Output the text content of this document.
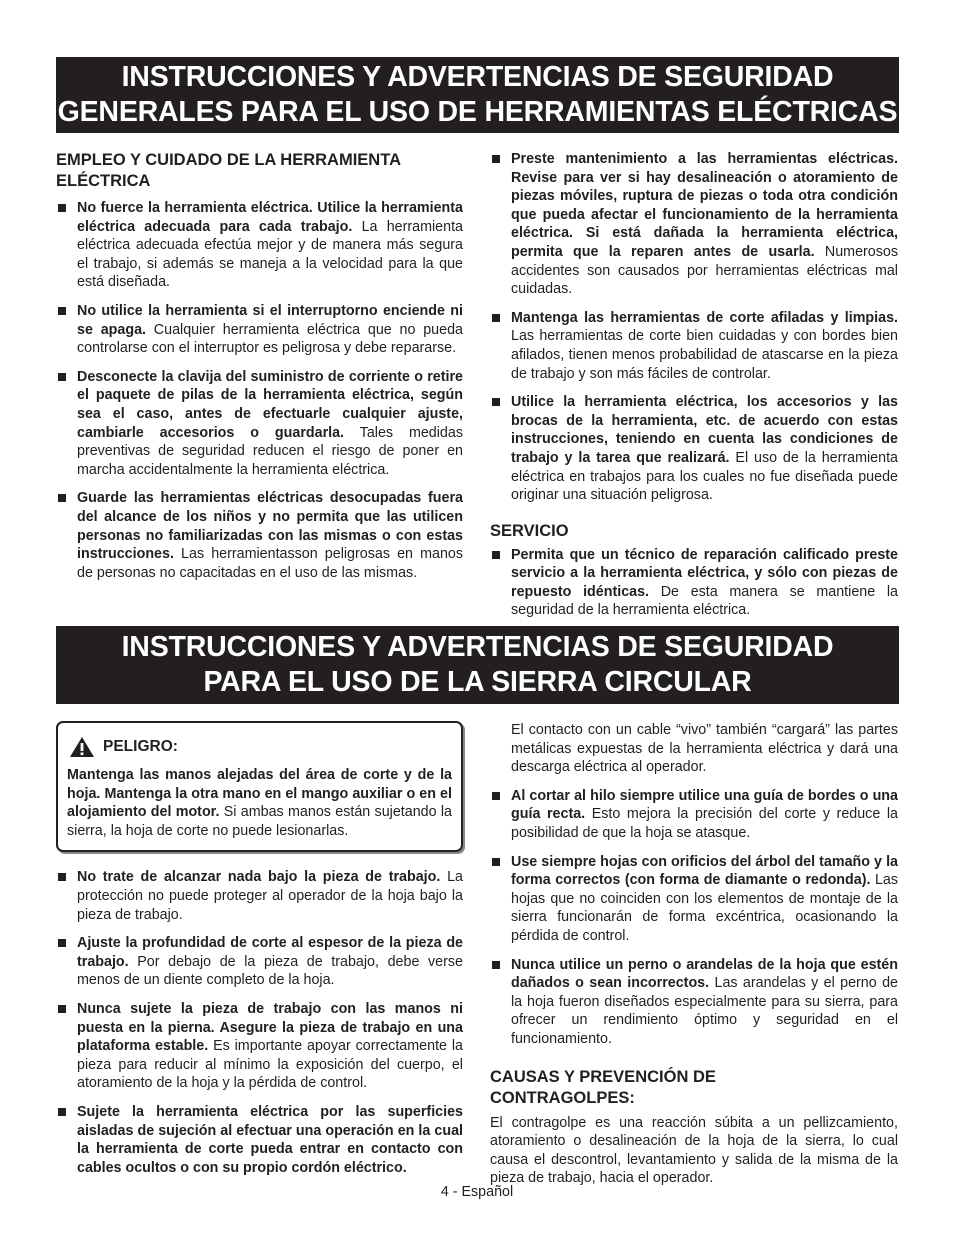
INSTRUCCIONES Y ADVERTENCIAS DE SEGURIDAD
GENERALES PARA EL USO DE HERRAMIENTAS ELÉCTRICAS
EMPLEO Y CUIDADO DE LA HERRAMIENTA ELÉCTRICA
No fuerce la herramienta eléctrica. Utilice la herramienta eléctrica adecuada para cada trabajo. La herramienta eléctrica adecuada efectúa mejor y de manera más segura el trabajo, si además se maneja a la velocidad para la que está diseñada.
No utilice la herramienta si el interruptorno enciende ni se apaga. Cualquier herramienta eléctrica que no pueda controlarse con el interruptor es peligrosa y debe repararse.
Desconecte la clavija del suministro de corriente o retire el paquete de pilas de la herramienta eléctrica, según sea el caso, antes de efectuarle cualquier ajuste, cambiarle accesorios o guardarla. Tales medidas preventivas de seguridad reducen el riesgo de poner en marcha accidentalmente la herramienta eléctrica.
Guarde las herramientas eléctricas desocupadas fuera del alcance de los niños y no permita que las utilicen personas no familiarizadas con las mismas o con estas instrucciones. Las herramientasson peligrosas en manos de personas no capacitadas en el uso de las mismas.
Preste mantenimiento a las herramientas eléctricas. Revise para ver si hay desalineación o atoramiento de piezas móviles, ruptura de piezas o toda otra condición que pueda afectar el funcionamiento de la herramienta eléctrica. Si está dañada la herramienta eléctrica, permita que la reparen antes de usarla. Numerosos accidentes son causados por herramientas eléctricas mal cuidadas.
Mantenga las herramientas de corte afiladas y limpias. Las herramientas de corte bien cuidadas y con bordes bien afilados, tienen menos probabilidad de atascarse en la pieza de trabajo y son más fáciles de controlar.
Utilice la herramienta eléctrica, los accesorios y las brocas de la herramienta, etc. de acuerdo con estas instrucciones, teniendo en cuenta las condiciones de trabajo y la tarea que realizará. El uso de la herramienta eléctrica en trabajos para los cuales no fue diseñada puede originar una situación peligrosa.
SERVICIO
Permita que un técnico de reparación calificado preste servicio a la herramienta eléctrica, y sólo con piezas de repuesto idénticas. De esta manera se mantiene la seguridad de la herramienta eléctrica.
INSTRUCCIONES Y ADVERTENCIAS DE SEGURIDAD
PARA EL USO DE LA SIERRA CIRCULAR
PELIGRO:
Mantenga las manos alejadas del área de corte y de la hoja. Mantenga la otra mano en el mango auxiliar o en el alojamiento del motor. Si ambas manos están sujetando la sierra, la hoja de corte no puede lesionarlas.
No trate de alcanzar nada bajo la pieza de trabajo. La protección no puede proteger al operador de la hoja bajo la pieza de trabajo.
Ajuste la profundidad de corte al espesor de la pieza de trabajo. Por debajo de la pieza de trabajo, debe verse menos de un diente completo de la hoja.
Nunca sujete la pieza de trabajo con las manos ni puesta en la pierna. Asegure la pieza de trabajo en una plataforma estable. Es importante apoyar correctamente la pieza para reducir al mínimo la exposición del cuerpo, el atoramiento de la hoja y la pérdida de control.
Sujete la herramienta eléctrica por las superficies aisladas de sujeción al efectuar una operación en la cual la herramienta de corte pueda entrar en contacto con cables ocultos o con su propio cordón eléctrico.
El contacto con un cable “vivo” también “cargará” las partes metálicas expuestas de la herramienta eléctrica y dará una descarga eléctrica al operador.
Al cortar al hilo siempre utilice una guía de bordes o una guía recta. Esto mejora la precisión del corte y reduce la posibilidad de que la hoja se atasque.
Use siempre hojas con orificios del árbol del tamaño y la forma correctos (con forma de diamante o redonda). Las hojas que no coinciden con los elementos de montaje de la sierra funcionarán de forma excéntrica, ocasionando la pérdida de control.
Nunca utilice un perno o arandelas de la hoja que estén dañados o sean incorrectos. Las arandelas y el perno de la hoja fueron diseñados especialmente para su sierra, para ofrecer un rendimiento óptimo y seguridad en el funcionamiento.
CAUSAS Y PREVENCIÓN DE CONTRAGOLPES:
El contragolpe es una reacción súbita a un pellizcamiento, atoramiento o desalineación de la hoja de la sierra, lo cual causa el descontrol, levantamiento y salida de la misma de la pieza de trabajo, hacia el operador.
4 - Español
